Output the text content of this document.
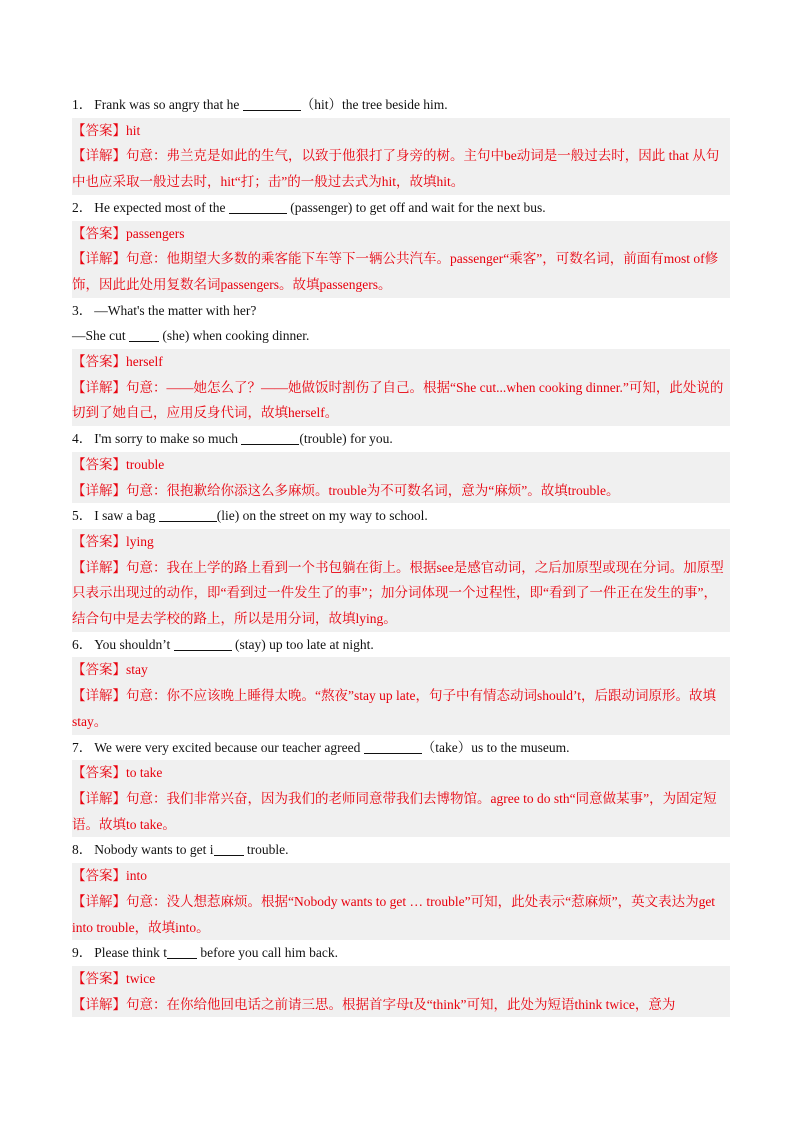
1． Frank was so angry that he	（hit）the tree beside him.
【答案】hit
【详解】句意：弗兰克是如此的生气，以致于他狠打了身旁的树。主句中be动词是一般过去时，因此 that 从句中也应采取一般过去时，hit“打；击”的一般过去式为hit，故填hit。
2． He expected most of the	(passenger) to get off and wait for the next bus.
【答案】passengers
【详解】句意：他期望大多数的乘客能下车等下一辆公共汽车。passenger“乘客”，可数名词，前面有most of修饰，因此此处用复数名词passengers。故填passengers。
3． —What's the matter with her?
—She cut  (she) when cooking dinner.
【答案】herself
【详解】句意：——她怎么了？——她做饭时割伤了自己。根据“She cut...when cooking dinner.”可知，此处说的切到了她自己，应用反身代词，故填herself。
4． I'm sorry to make so much	(trouble) for you.
【答案】trouble
【详解】句意：很抱歉给你添这么多麻烦。trouble为不可数名词，意为“麻烦”。故填trouble。
5． I saw a bag	(lie) on the street on my way to school.
【答案】lying
【详解】句意：我在上学的路上看到一个书包躺在街上。根据see是感官动词，之后加原型或现在分词。加原型只表示出现过的动作，即“看到过一件发生了的事”；加分词体现一个过程性，即“看到了一件正在发生的事”，结合句中是去学校的路上，所以是用分词，故填lying。
6． You shouldn’t	(stay) up too late at night.
【答案】stay
【详解】句意：你不应该晚上睡得太晚。“熬夜”stay up late，句子中有情态动词should’t，后跟动词原形。故填stay。
7． We were very excited because our teacher agreed	（take）us to the museum.
【答案】to take
【详解】句意：我们非常兴奋，因为我们的老师同意带我们去博物馆。agree to do sth“同意做某事”，为固定短语。故填to take。
8． Nobody wants to get i trouble.
【答案】into
【详解】句意：没人想惹麻烦。根据“Nobody wants to get … trouble”可知，此处表示“惹麻烦”，英文表达为get into trouble，故填into。
9． Please think t before you call him back.
【答案】twice
【详解】句意：在你给他回电话之前请三思。根据首字母t及“think”可知，此处为短语think twice，意为
